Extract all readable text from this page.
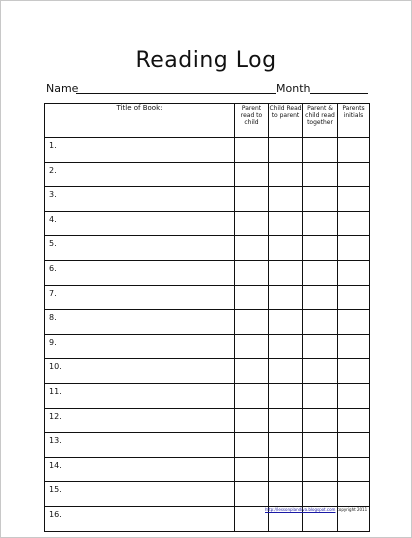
Reading Log
Name	Month
Title of Book:	Parent read to child	Child Read to parent	Parent & child read together	Parents initials
1.				
2.				
3.				
4.				
5.				
6.				
7.				
8.				
9.				
10.				
11.				
12.				
13.				
14.				
15.				
16.				
http://lessonplandiva.blogspot.com copyright 2011
